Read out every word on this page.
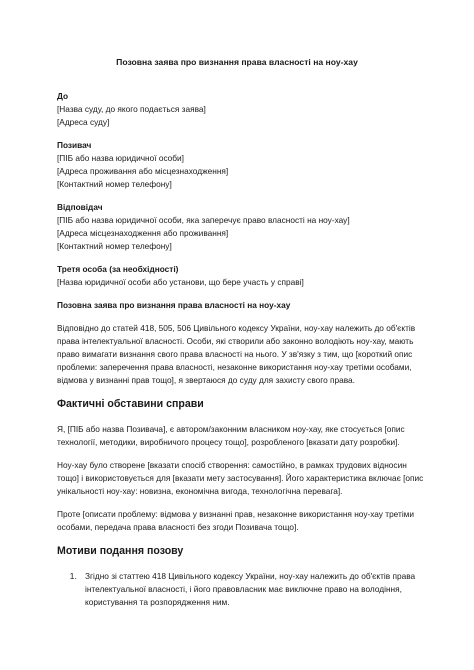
Позовна заява про визнання права власності на ноу-хау
До
[Назва суду, до якого подається заява]
[Адреса суду]
Позивач
[ПІБ або назва юридичної особи]
[Адреса проживання або місцезнаходження]
[Контактний номер телефону]
Відповідач
[ПІБ або назва юридичної особи, яка заперечує право власності на ноу-хау]
[Адреса місцезнаходження або проживання]
[Контактний номер телефону]
Третя особа (за необхідності)
[Назва юридичної особи або установи, що бере участь у справі]
Позовна заява про визнання права власності на ноу-хау

Відповідно до статей 418, 505, 506 Цивільного кодексу України, ноу-хау належить до об'єктів права інтелектуальної власності. Особи, які створили або законно володіють ноу-хау, мають право вимагати визнання свого права власності на нього. У зв'язку з тим, що [короткий опис проблеми: заперечення права власності, незаконне використання ноу-хау третіми особами, відмова у визнанні прав тощо], я звертаюся до суду для захисту свого права.

Фактичні обставини справи

Я, [ПІБ або назва Позивача], є автором/законним власником ноу-хау, яке стосується [опис технології, методики, виробничого процесу тощо], розробленого [вказати дату розробки].

Ноу-хау було створене [вказати спосіб створення: самостійно, в рамках трудових відносин тощо] і використовується для [вказати мету застосування]. Його характеристика включає [опис унікальності ноу-хау: новизна, економічна вигода, технологічна перевага].

Проте [описати проблему: відмова у визнанні прав, незаконне використання ноу-хау третіми особами, передача права власності без згоди Позивача тощо].

Мотиви подання позову
1. Згідно зі статтею 418 Цивільного кодексу України, ноу-хау належить до об'єктів права інтелектуальної власності, і його правовласник має виключне право на володіння, користування та розпорядження ним.
